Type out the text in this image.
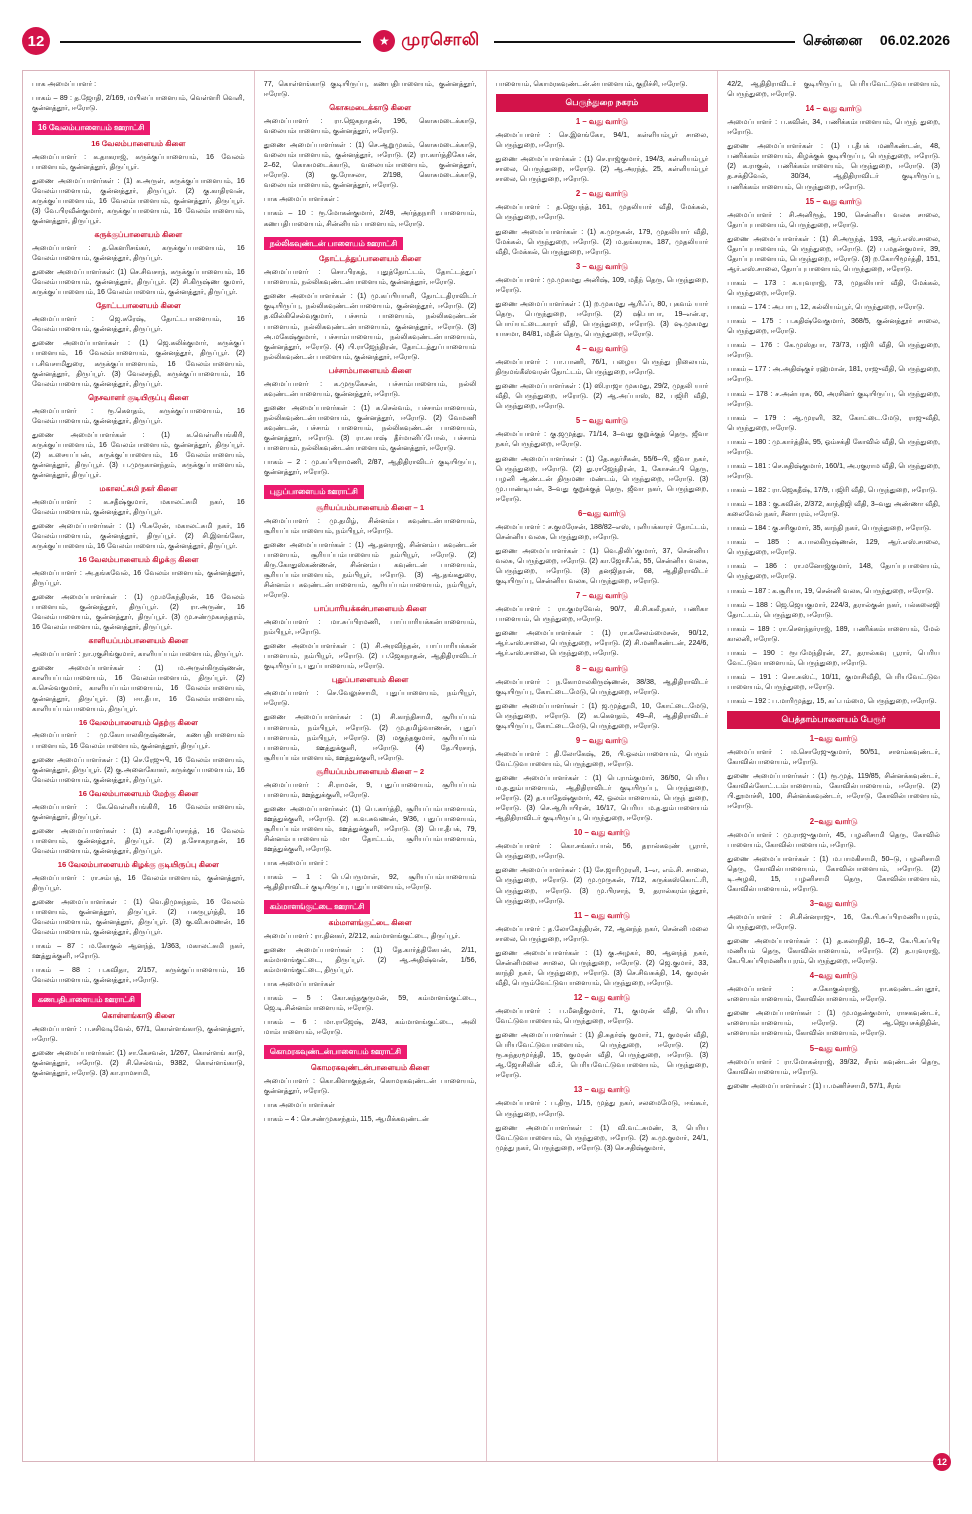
12	★ முரசொலி	சென்னை 06.02.2026

பாக அமைப்பாளர் :

பாகம் – 89 : த.ஜோதி, 2/169, மயிலப்பாளையம், வெள்ளரி வெளி, குன்னத்தூர், ஈரோடு.

16 வேலம்பாளையம் ஊராட்சி
16 வேலம்பாளையம் கிளை

அமைப்பாளர் : க.தாகராஜ், கருக்குப்பாளையம், 16 வேலம் பாளையம், குன்னத்தூர், திருப்பூர்.

துணை அமைப்பாளர்கள் : (1) க.அருள், கருக்குப்பாளையம், 16 வேலம்பாளையம், குன்னத்தூர், திருப்பூர். (2) கு.காதிரவன், கருக்குப்பாளையம், 16 வேலம்பாளையம், குன்னத்தூர், திருப்பூர். (3) வே.பிரவீன்குமார், கருக்குப்பாளையம், 16 வேலம்பாளையம், குன்னத்தூர், திருப்பூர்.

கருக்குப்பாளையம் கிளை

அமைப்பாளர் : த.கௌரிசங்கர், கருக்குப்பாளையம், 16 வேலம்பாளையம், குன்னத்தூர், திருப்பூர்.

துணை அமைப்பாளர்கள்: (1) செ.சிவசாந், கருக்குப்பாளையம், 16 வேலம்பாளையம், குன்னத்தூர், திருப்பூர். (2) சி.கிருஷ்ண குமார், கருக்குப்பாளையம், 16 வேலம்பாளையம், குன்னத்தூர், திருப்பூர்.

தோட்டபாளையம் கிளை

அமைப்பாளர் : ஜெ.சுரேஷ், தோட்டபாளையம், 16 வேலம்பாளையம், குன்னத்தூர், திருப்பூர்.

துணை அமைப்பாளர்கள் : (1) ஜெ.கலிக்குமார், கருக்குப் பாளையம், 16 வேலம்பாளையம், குன்னத்தூர், திருப்பூர். (2) ப.சிவசாமிதுரை, கருக்குப்பாளையம், 16 வேலம்பாளையம், குன்னத்தூர், திருப்பூர். (3) வேலசந்தி, கருக்குப்பாளையம், 16 வேலம்பாளையம், குன்னத்தூர், திருப்பூர்.

நெசவாளர் குடியிருப்பு கிளை

அமைப்பாளர் : ரூ.கௌதம், கருக்குப்பாளையம், 16 வேலம்பாளையம், குன்னத்தூர், திருப்பூர்.

துணை அமைப்பாளர்கள் : (1) க.வெள்ளியங்கிரி, கருக்குப்பாளையம், 16 வேலம்பாளையம், குன்னத்தூர், திருப்பூர். (2) க.சையப்பன், கருக்குப்பாளையம், 16 வேலம்பாளையம், குன்னத்தூர், திருப்பூர். (3) ப.முருகானந்தம், கருக்குப்பாளையம், குன்னத்தூர், திருப்பூர்.

மகாலட்சுமி நகர் கிளை

அமைப்பாளர் : க.சதீஷ்குமார், மகாலட்சுமி நகர், 16 வேலம்பாளையம், குன்னத்தூர், திருப்பூர்.

துணை அமைப்பாளர்கள் : (1) பி.சுரேன், மகாலட்சுமி நகர், 16 வேலம்பாளையம், குன்னத்தூர், திருப்பூர். (2) சி.இளங்கோ, கருக்குப்பாளையம், 16 வேலம்பாளையம், குன்னத்தூர், திருப்பூர்.

16 வேலம்பாளையம் கிழக்கு கிளை

அமைப்பாளர் : அ.தங்கவேல், 16 வேலம்பாளையம், குன்னத்தூர், திருப்பூர்.

துணை அமைப்பாளர்கள் : (1) மு.மகேந்திரன், 16 வேலம் பாளையம், குன்னத்தூர், திருப்பூர். (2) ரா.அருண், 16 வேலம்பாளையம், குன்னத்தூர், திருப்பூர். (3) மு.சண்முகசுந்தரம், 16 வேலம்பாளையம், குன்னத்தூர், திருப்பூர்.

காளியப்பம்பாளையம் கிளை

அமைப்பாளர் : நா.ரகுசிங்குமார், காளியப்பம்பாளையம், திருப்பூர்.

துணை அமைப்பாளர்கள் : (1) ம.அருள்கிருஷ்ணன், காளியப்பம்பாளையம், 16 வேலம்பாளையம், திருப்பூர். (2) க.செல்வகுமார், காளியப்பம்பாளையம், 16 வேலம்பாளையம், குன்னத்தூர், திருப்பூர். (3) ஈா.தீபா, 16 வேலம்பாளையம், காளியப்பம்பாளையம், திருப்பூர்.

16 வேலம்பாளையம் தெற்கு கிளை

அமைப்பாளர் : மு.கோபாலகிருஷ்ணன், கணபதிபாளையம் பாளையம், 16 வேலம்பாளையம், குன்னத்தூர், திருப்பூர்.

துணை அமைப்பாளர்கள் : (1) செ.ரேஜுபி, 16 வேலம்பாளையம், குன்னத்தூர், திருப்பூர். (2) கு.அனைகோகர், கருக்குப்பாளையம், 16 வேலம்பாளையம், குன்னத்தூர், திருப்பூர்.

16 வேலம்பாளையம் மேற்கு கிளை

அமைப்பாளர் : கே.வெள்ளியங்கிரி, 16 வேலம்பாளையம், குன்னத்தூர், திருப்பூர்.

துணை அமைப்பாளர்கள் : (1) ச.மதுசிப்ரசாந்த், 16 வேலம் பாளையம், குன்னத்தூர், திருப்பூர். (2) த.சோகநாதன், 16 வேலம்பாளையம், குன்னத்தூர், திருப்பூர்.

16 வேலம்பாளையம் கிழக்கு குடியிருப்பு கிளை

அமைப்பாளர் : ரா.சம்பத், 16 வேலம்பாளையம், குன்னத்தூர், திருப்பூர்.

துணை அமைப்பாளர்கள் : (1) வெ.திமுசுந்தம், 16 வேலம் பாளையம், குன்னத்தூர், திருப்பூர். (2) பகருபூர்த்தி, 16 வேலம்பாளையம், குன்னத்தூர், திருப்பூர். (3) கு.வி.சுமணன், 16 வேலம்பாளையம், குன்னத்தூர், திருப்பூர்.

பாகம் – 87 : ம.கோகுல் ஆனந்த், 1/363, மகாலட்சுமி நகர், ஊத்துக்குளி, ஈரோடு.

பாகம் – 88 : ப.கவிதா, 2/157, கருக்குப்பாளையம், 16 வேலம்பாளையம், குன்னத்தூர், ஈரோடு.

கணபதிபாளையம் ஊராட்சி
கொள்ளங்காடு கிளை

அமைப்பாளர் : ப.சசிவடிவேல், 67/1, கொள்ளங்காடு, குன்னத்தூர், ஈரோடு.

துணை அமைப்பாளர்கள்: (1) சா.கேசவன், 1/267, கொள்ளங் காடு, குன்னத்தூர், ஈரோடு. (2) சி.செல்வம், 9382, கொள்ளங்காடு, குன்னத்தூர், ஈரோடு. (3) கா.ராமசாமி,

77, கொள்ளங்காடு குடியிருப்பு, கணபதிபாளையம், குன்னத்தூர், ஈரோடு.

கொசுமடைக்காடு கிளை

அமைப்பாளர் : ரா.ஜெகநாதன், 196, கொசுமடைக்காடு, வலையம்பாளையம், குன்னத்தூர், ஈரோடு.

துணை அமைப்பாளர்கள் : (1) செ.ஆறுமுகம், கொசுமடைக்காடு, வலையம்பாளையம், குன்னத்தூர், ஈரோடு. (2) ரா.கார்த்திகேயன், 2–62, கொசுமடைக்காடு, வலையம்பாளையம், குன்னத்தூர், ஈரோடு. (3) கு.ரோசலா, 2/198, கொசுமடைக்காடு, வலையம்பாளையம், குன்னத்தூர், ஈரோடு.

பாக அமைப்பாளர்கள் :

பாகம் – 10 : ரூ.மோகன்குமார், 2/49, அர்த்தநாரி பாளையம், கணபதிபாளையம், சின்னியம் பாளையம், ஈரோடு.

நல்லிகவுண்டன் பாளையம் ஊராட்சி
தோட்டத்துப்பாளையம் கிளை

அமைப்பாளர் : சொ.பிரகத், புதுத்தோட்டம், தோட்டத்துப் பாளையம், நல்லிகவுண்டன்பாளையம், குன்னத்தூர், ஈரோடு.

துணை அமைப்பாளர்கள் : (1) மு.கப்பியாளி, தோட்டதிராவிடர் குடியிருப்பு, நல்லிகவுண்டன்பாளையம், குன்னத்தூர், ஈரோடு. (2) த.வில்கிசெல்வுகுமார், பச்சாம் பாளையம், நல்லிகவுண்டன் பாளையம், நல்லிகவுண்டன்பாளையம், குன்னத்தூர், ஈரோடு. (3) அ.மகேஷ்குமார், பச்சாம்பாளையம், நல்லிகவுண்டன்பாளையம், குன்னத்தூர், ஈரோடு. (4) பி.ராஜேந்திரன், தோட்டத்துப்பாளையம் நல்லிகவுண்டன் பாளையம், குன்னத்தூர், ஈரோடு.

பச்சாம்பாளையம் கிளை

அமைப்பாளர் : க.முருகேசன், பச்சாம்பாளையம், நல்லி கவுண்டன்பாளையம், குன்னத்தூர், ஈரோடு.

துணை அமைப்பாளர்கள் : (1) க.செல்வம், பச்சாம்பாளையம், நல்லிகவுண்டன்பாளையம், குன்னத்தூர், ஈரோடு. (2) வேமணி கவுண்டன், பச்சாம் பாளையம், நல்லிகவுண்டன் பாளையம், குன்னத்தூர், ஈரோடு. (3) ரா.சுபாஷ் தீர்மானிப்போல், பச்சாம் பாளையம், நல்லிகவுண்டன்பாளையம், குன்னத்தூர், ஈரோடு.

பாகம் – 2 : மு.கப்பிராமணி, 2/87, ஆதிதிராவிடர் குடியிருப்பு, குன்னத்தூர், ஈரோடு.

புதுப்பாளையம் ஊராட்சி
சூரியப்பம்பாளையம் கிளை – 1

அமைப்பாளர் : மு.தமிழ், சின்னம்ப கவுண்டன்பாளையம், சூரியப்பம்பாளையம், நம்பியூர், ஈரோடு.

துணை அமைப்பாளர்கள் : (1) ஆ.தனராஜ், சின்னம்ப கவுண்டன் பாளையம், சூரியப்பம்பாளையம் நம்பியூர், ஈரோடு. (2) கிரு.கோதுஸ்கண்ணன், சின்னம்ப கவுண்டன் பாளையம், சூரியப்பம்பாளையம், நம்பியூர், ஈரோடு. (3) ஆ.தங்கதுரை, சின்னம்ப கவுண்டன்பாளையம், சூரியப்பம்பாளையம், நம்பியூர், ஈரோடு.

பாப்பாரியக்கன்பாளையம் கிளை

அமைப்பாளர் : மா.சுப்பிரமணி, பாப்பாரியக்கன்பாளையம், நம்பியூர், ஈரோடு.

துணை அமைப்பாளர்கள் : (1) சி.அரவிந்தன், பாப்பாரியக்கன் பாளையம், நம்பியூர், ஈரோடு. (2) ப.ஜேகநாதன், ஆதிதிராவிடர் குடியிருப்பு, புதுப்பாளையம், ஈரோடு.

புதுப்பாளையம் கிளை

அமைப்பாளர் : செ.வேலுச்சாமி, புதுப்பாளையம், நம்பியூர், ஈரோடு.

துணை அமைப்பாளர்கள் : (1) சி.காந்திசாமி, சூரியப்பம் பாளையம், நம்பியூர், ஈரோடு. (2) மு.தமிழ்வாணன், புதுப் பாளையம், நம்பியூர், ஈரோடு. (3) மகுந்தகுமார், சூரியப்பம் பாளையம், ஊத்துக்குளி, ஈரோடு. (4) தே.பிரசாந், சூரியப்பம்பாளையம், ஊத்துக்குளி, ஈரோடு.

சூரியப்பம்பாளையம் கிளை – 2

அமைப்பாளர் : சி.ராமன், 9, புதுப்பாளையம், சூரியப்பம் பாளையம், ஊத்துக்குளி, ஈரோடு.

துணை அமைப்பாளர்கள்: (1) பெ.கார்த்தி, சூரியப்பம்பாளையம், ஊத்துக்குளி, ஈரோடு. (2) க.வ.சுவணன், 9/36, புதுப்பாளையம், சூரியப்பம்பாளையம், ஊத்துக்குளி, ஈரோடு. (3) பொ.தீபக், 79, சின்னம்பபாளையம் மா தோட்டம், சூரியப்பம்பாளையம், ஊத்துக்குளி, ஈரோடு.

பாக அமைப்பாளர் :

பாகம் – 1 : பெ.பெருமாள், 92, சூரியப்பம்பாளையம் ஆதிதிராவிடர் குடியிருப்பு, புதுப்பாளையம், ஈரோடு.

கம்மாளங்குட்டை ஊராட்சி
கம்மாளங்குட்டை கிளை

அமைப்பாளர் : ரா.தினகர், 2/212, கம்மாளங்குட்டை, திருப்பூர்.

துணை அமைப்பாளர்கள் : (1) தே.கார்த்திகேயன், 2/11, கம்மாளங்குட்டை, திருப்பூர். (2) ஆ.அதிஷ்வன், 1/56, கம்மாளங்குட்டை, திருப்பூர்.

பாக அமைப்பாளர்கள்

பாகம் – 5 : கோ.கந்தகுருமன், 59, கம்மாளங்குட்டை, ஜெ.டி.சின்னம்பாளையம், ஈரோடு.

பாகம் – 6 : மா.ராஜேஷ், 2/43, கம்மாளங்குட்டை, அலி மாம்பாளையம், ஈரோடு.

கொமரகவுண்டன்பாளையம் ஊராட்சி
கொமரகவுண்டன்பாளையம் கிளை

அமைப்பாளர் : கொ.கிளாகுத்தன், கொமரகவுண்டன் பாளையம், குன்னத்தூர், ஈரோடு.

பாக அமைப்பாளர்கள்

பாகம் – 4 : செ.சண்முகசந்தம், 115, ஆமிக்கவுண்டன்

பாளையம், கொமரகவுண்டன்.ன்பாளையம், குறிச்சி, ஈரோடு.

பெருந்துறை நகரம்
1 – வது வார்டு

அமைப்பாளர் : செ.இளங்கோ, 94/1, கள்ளியம்பூர் சாலை, பெருந்துறை, ஈரோடு.

துணை அமைப்பாளர்கள் : (1) செ.ராஜ்குமார், 194/3, கள்ளியம்பூர் சாலை, பெருந்துறை, ஈரோடு. (2) ஆ.அரந்த், 25, கள்ளியம்பூர் சாலை, பெருந்துறை, ஈரோடு.

2 – வது வார்டு

அமைப்பாளர் : த.ஜெயந்த், 161, முதலியார் வீதி, மேக்கல், பெருந்துறை, ஈரோடு.

துணை அமைப்பாளர்கள் : (1) க.முருகன், 179, முதலியார் வீதி, மேக்கல், பெருந்துறை, ஈரோடு. (2) ம.தங்கராசு, 187, முதலியார் வீதி, மேக்கல், பெருந்துறை, ஈரோடு.

3 – வது வார்டு

அமைப்பாளர் : மு.முகமது அனிஷ், 109, மதீந் தெரு, பெருந்துறை, ஈரோடு.

துணை அமைப்பாளர்கள் : (1) ற.முகமது ஆரிஃப், 80, புகவம் யார் தெரு, பெருந்துறை, ஈரோடு. (2) ஷி.பாபா, 19–என்.ஏ, பொய்யட்டை.காரர் வீதி, பெருந்துறை, ஈரோடு. (3) ஷ.முகமது யாசமா, 84/81, மதீன் தெரு, பெருந்துறை, ஈரோடு.

4 – வது வார்டு

அமைப்பாளர் : பா.பாணி, 76/1, பழைய பெருந்து நிலையம், திருமங்கீஸ்வரன் தோட்டம், பெருந்துறை, ஈரோடு.

துணை அமைப்பாளர்கள் : (1) ஸி.ராஜா முகமது, 29/2, முதலி யார் வீதி, பெருந்துறை, ஈரோடு. (2) ஆ.அப்பாஸ், 82, பஜிரி வீதி, பெருந்துறை, ஈரோடு.

5 – வது வார்டு

அமைப்பாளர் : கு.ஜமுத்து, 71/14, 3–வது குறுக்குத் தெரு, ஜீவா நகர், பெருந்துறை, ஈரோடு.

துணை அமைப்பாளர்கள் : (1) தே.சுதர்சீகன், 55/6–பி, ஜீவா நகர், பெருந்துறை, ஈரோடு. (2) து.ராஜேந்திரன், 1, கோசன்.பி தெரு, பழனி ஆண்.டன் திருமண மண்டம், பெருந்துறை, ஈரோடு. (3) மு.பாண்டியன், 3–வது குறுக்குத் தெரு, ஜீவா நகர், பெருந்துறை, ஈரோடு.

6–வது வார்டு

அமைப்பாளர் : ச.குமரேசன், 188/82–எஸ், புளியக்காரர் தோட்டம், சென்னிய வலசு, பெருந்துறை, ஈரோடு.

துணை அமைப்பாளர்கள் : (1) வெ.திலிப்குமார், 37, சென்னிய வலசு, பெருந்துறை, ஈரோடு. (2) கா.ஜோசீஃக், 55, சென்னிய வலசு, பெருந்துறை, ஈரோடு. (3) தனஜிதரன், 68, ஆதிதிராவிடர் குடியிருப்பு, சென்னிய வலசு, பெருந்துறை, ஈரோடு.

7 – வது வார்டு

அமைப்பாளர் : ரா.குமரவேல், 90/7, கி.சி.கலீ.நகர், பணிகா பாளையம், பெருந்துறை, ஈரோடு.

துணை அமைப்பாளர்கள் : (1) ரா.கசேலம்மைசன், 90/12, ஆர்.எஸ்.சாலை, பெருந்துறை, ஈரோடு. (2) சி.மணிகண்டன், 224/6, ஆர்.எஸ்.சாலை, பெருந்துறை, ஈரோடு.

8 – வது வார்டு

அமைப்பாளர் : ந.கோமாலகிருஷ்ணன், 38/38, ஆதிதிராவிடர் குடியிருப்பு, கோட்டை.மேடு, பெருந்துறை, ஈரோடு.

துணை அமைப்பாளர்கள் : (1) ஜ.முத்துமி, 10, கோட்டை.மேடு, பெருந்துறை, ஈரோடு. (2) க.கௌதம், 49–சி, ஆதிதிராவிடர் குடியிருப்பு, கோட்டை.மேடு, பெருந்துறை, ஈரோடு.

9 – வது வார்டு

அமைப்பாளர் : தி.லோகேஷ், 26, பி.ஓலம்பாளையம், பெரும் வேட்டுவபாளையம், பெருந்துறை, ஈரோடு.

துணை அமைப்பாளர்கள் : (1) பெ.ராம்குமார், 36/50, பெரிய ம.த.தும்பாளையம், ஆதிதிராவிடர் குடியிருப்பு, பெருந்துறை, ஈரோடு. (2) த.யாதேஷ்குமார், 42, ஓலம்பாளையம், பெருந் துறை, ஈரோடு. (3) செ.ஆரிபயிரன், 16/17, பெரிய ம.த.தும்பாளையம் ஆதிதிராவிடர் குடியிருப்பு, பெருந்துறை, ஈரோடு.

10 – வது வார்டு

அமைப்பாளர் : கொ.சங்கர்.பால், 56, தரால்கவுண் பூரார், பெருந்துறை, ஈரோடு.

துணை அமைப்பாளர்கள் : (1) சே.ஜாரிமுரளி, 1–எ, எம்.சி. சாலை, பெருந்துறை, ஈரோடு. (2) மு.முருகன், 7/12, கருக்கஸ்கொட்.ரி, பெருந்துறை, ஈரோடு. (3) மு.பிரசாந், 9, தரால்கரம்பத்தூர், பெருந்துறை, ஈரோடு.

11 – வது வார்டு

அமைப்பாளர் : த.லோகேந்திரன், 72, ஆனந்த் நகர், சென்னி மலை சாலை, பெருந்துறை, ஈரோடு.

துணை அமைப்பாளர்கள் : (1) கு.அழகர், 80, ஆனந்த் நகர், சென்னிமலை சாலை, பெருந்துறை, ஈரோடு. (2) ஜெ.குமார், 33, காந்தி நகர், பெருந்துறை, ஈரோடு. (3) செ.சிவசுக்தி, 14, குமரன் வீதி, பெரும்வேட்டுவபாளையம், பெருந்துறை, ஈரோடு.

12 – வது வார்டு

அமைப்பாளர் : ப.மீனதீகுமார், 71, குமரன் வீதி, பெரிய வேட்டுவபாளையம், பெருந்துறை, ஈரோடு.

துணை அமைப்பாளர்கள் : (1) தி.சுதர்ஷ் குமார், 71, குமரன் வீதி, பெரியவேட்டுவபாளையம், பெருந்துறை, ஈரோடு. (2) ரூ.சுந்தரமூர்த்தி, 15, குமரன் வீதி, பெருந்துறை, ஈரோடு. (3) ஆ.ஜோசிலின் வீ.ர், பெரியவேட்டுவபாளையம், பெருந்துறை, ஈரோடு.

13 – வது வார்டு

அமைப்பாளர் : ப.திரு, 1/15, முத்து நகர், சலமைமேடு, ஈங்கூர், பெருந்துறை, ஈரோடு.

துணை அமைப்பாளர்கள் : (1) வி.வட்.சுமண், 3, பெரிய வேட்டுவபாளையம், பெருந்துறை, ஈரோடு. (2) க.மு.குமார், 24/1, முத்து நகர், பெருந்துறை, ஈரோடு. (3) செ.சதிஷ்குமார்,

42/2, ஆதிதிராவிடர் குடியிருப்பு, பெரியவேட்.டுவபாளையம், பெருந்துறை, ஈரோடு.

14 – வது வார்டு

அமைப்பாளர் : ப.கவின், 34, பணிக்கம்பாளையம், பெருந் துறை, ஈரோடு.

துணை அமைப்பாளர்கள் : (1) ப.தீபக் மணிகண்டன், 48, பணிக்கம்பாளையம், கிழக்குக் குடியிருப்பு, பெருந்துறை, ஈரோடு. (2) க.ராகுல், பணிக்கம்பாளையம், பெருந்துறை, ஈரோடு. (3) த.சக்திவேல், 30/34, ஆதிதிராவிடர் குடியிருப்பு, பணிக்கம்பாளையம், பெருந்துறை, ஈரோடு.

15 – வது வார்டு

அமைப்பாளர் : சி.அனிரூத், 190, சென்னிய வலசு சாலை, தோப்புபாளையம், பெருந்துறை, ஈரோடு.

துணை அமைப்பாளர்கள் : (1) சி.அருந்த், 193, ஆர்.எஸ்.சாலை, தோப்புபாளையம், பெருந்துறை, ஈரோடு. (2) ப.மதன்குமார், 39, தோப்புபாளையம், பெருந்துறை, ஈரோடு. (3) ற.கோபிமூர்த்தி, 151, ஆர்.எஸ்.சாலை, தோப்புபாளையம், பெருந்துறை, ஈரோடு.

பாகம் – 173 : க.யுவராஜ், 73, முதலியார் வீதி, மேக்கல், பெருந்துறை, ஈரோடு.

பாகம் – 174 : அ.பாபு, 12, கல்லியம்பூர், பெருந்துறை, ஈரோடு.

பாகம் – 175 : ப.கதிஷ்வேகுமார், 368/5, குன்னத்தூர் சாலை, பெருந்துறை, ஈரோடு.

பாகம் – 176 : கே.முஸ்தபா, 73/73, பஜிரி வீதி, பெருந்துறை, ஈரோடு.

பாகம் – 177 : அ.அதிஷ்குர் ரஹ்மான், 181, ராஜுவீதி, பெருந்துறை, ஈரோடு.

பாகம் – 178 : ச.அன்பரசு, 60, அரசினர் குடியிருப்பு, பெருந்துறை, ஈரோடு.

பாகம் – 179 : ஆ.முரளி, 32, கோட்டை.மேடு, ராஜுவீதி, பெருந்துறை, ஈரோடு.

பாகம் – 180 : மு.கார்த்திக், 95, ஓம்சக்தி கோவில் வீதி, பெருந்துறை, ஈரோடு.

பாகம் – 181 : செ.சுதிஷ்குமார், 160/1, அ.ரகுராம வீதி, பெருந்துறை, ஈரோடு.

பாகம் – 182 : ரா.ஜெகதீஷ், 17/9, பஜிரி வீதி, பெருந்துறை, ஈரோடு.

பாகம் – 183 : கு.கவின், 2/372, காந்திஜி வீதி, 3–வது அண்ணா வீதி, கலைவேல் நகர், சீனாபுரம், ஈரோடு.

பாகம் – 184 : கு.சரிகுமார், 35, காந்தி நகர், பெருந்துறை, ஈரோடு.

பாகம் – 185 : க.பாலகிருஷ்ணன், 129, ஆர்.எஸ்.சாலை, பெருந்துறை, ஈரோடு.

பாகம் – 186 : ரா.மனோஜ்குமார், 148, தோப்புபாளையம், பெருந்துறை, ஈரோடு.

பாகம் – 187 : க.சூரியா, 19, சென்னி வலசு, பெருந்துறை, ஈரோடு.

பாகம் – 188 : ஜெ.ஜெயகுமார், 224/3, தரால்குன் நகர், பல்கலைஜி தோட்.டம், பெருந்துறை, ஈரோடு.

பாகம் – 189 : ரா.செளந்தர்ராஜ், 189, பணிக்கம்பாளையம், மேல் காலனி, ஈரோடு.

பாகம் – 190 : ரூபமேந்திரன், 27, தரால்கவு பூரார், பெரிய வேட்.டுவபாளையம், பெருந்துறை, ஈரோடு.

பாகம் – 191 : சொ.சுஸ்ட், 10/11, குமாசிவீதி, பெரியவேட்.டுவ பாளையம், பெருந்துறை, ஈரோடு.

பாகம் – 192 : ப.மாரிமுத்து, 15, கப்.பம்மை, பெருந்துறை, ஈரோடு.

பெத்தாம்பாளையம் பேரூர்
1–வது வார்டு

அமைப்பாளர் : ம.சொரேஜுகுமார், 50/51, சாளம்கவுண்டர், கோவில்பாளையம், ஈரோடு.

துணை அமைப்பாளர்கள் : (1) ரூ.முத், 119/85, சின்னக்கவுண்டர், கோவில்கோட்.டம்பாளையம், கோவில்பாளையம், ஈரோடு. (2) பி.தூமாச்சி, 100, சின்னக்கவுண்டர், ஈரோடு, கோவில்பாளையம், ஈரோடு.

2–வது வார்டு

அமைப்பாளர் : மு.ராஜுகுமார், 45, பழனிசாமி தெரு, கோவில் பாளையம், கோவில்பாளையம், ஈரோடு.

துணை அமைப்பாளர்கள் : (1) ம.பாமகிசாமி, 50–டு, பழனிசாமி தெரு, கோவில்பாளையம், கோவில்பாளையம், ஈரோடு. (2) டி.அழகி, 15, பழனிசாமி தெரு, கோவில்பாளையம், கோவில்பாளையம், ஈரோடு.

3–வது வார்டு

அமைப்பாளர் : சி.சின்னராஜு, 16, கே.பி.சுப்பிரமணியபுரம், பெருந்துறை, ஈரோடு.

துணை அமைப்பாளர்கள் : (1) த.கலாநிதி, 16–2, கே.பி.கப்பிர மணியம் தெரு, கோவில்பாளையம், ஈரோடு. (2) த.யுவராஜ், கே.பி.சுப்பிரமணியபுரம், பெருந்துறை, ஈரோடு.

4–வது வார்டு

அமைப்பாளர் : ச.கோகுல்ராஜ், ரா.கவுண்டன்புதூர், எளையம்பாளையம், கோவில்பாளையம், ஈரோடு.

துணை அமைப்பாளர்கள் : (1) மு.மதன்குமார், ராசகவுண்டர், எளையம்பாளையம், ஈரோடு. (2) ஆ.ஜெயசக்திதின், எளையம்பாளையம், கோவில்பாளையம், ஈரோடு.

5–வது வார்டு

அமைப்பாளர் : ரா.மோகன்ராஜ், 39/32, சீரங் கவுண்டன் தெரு, கோவில்பாளையம், ஈரோடு.

துணை அமைப்பாளர்கள் : (1) ப.மணிச்சாமி, 57/1, சீரங்

12
